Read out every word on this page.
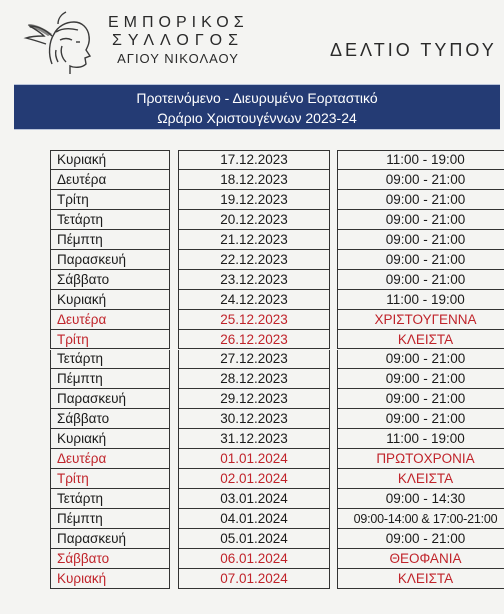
ΕΜΠΟΡΙΚΟΣ
ΣΥΛΛΟΓΟΣ
ΑΓΙΟΥ ΝΙΚΟΛΑΟΥ	ΔΕΛΤΙΟ ΤΥΠΟΥ
Προτεινόμενο - Διευρυμένο Εορταστικό
Ωράριο Χριστουγέννων 2023-24
Κυριακή	17.12.2023	11:00 - 19:00
Δευτέρα	18.12.2023	09:00 - 21:00
Τρίτη	19.12.2023	09:00 - 21:00
Τετάρτη	20.12.2023	09:00 - 21:00
Πέμπτη	21.12.2023	09:00 - 21:00
Παρασκευή	22.12.2023	09:00 - 21:00
Σάββατο	23.12.2023	09:00 - 21:00
Κυριακή	24.12.2023	11:00 - 19:00
Δευτέρα	25.12.2023	ΧΡΙΣΤΟΥΓΕΝΝΑ
Τρίτη	26.12.2023	ΚΛΕΙΣΤΑ
Τετάρτη	27.12.2023	09:00 - 21:00
Πέμπτη	28.12.2023	09:00 - 21:00
Παρασκευή	29.12.2023	09:00 - 21:00
Σάββατο	30.12.2023	09:00 - 21:00
Κυριακή	31.12.2023	11:00 - 19:00
Δευτέρα	01.01.2024	ΠΡΩΤΟΧΡΟΝΙΑ
Τρίτη	02.01.2024	ΚΛΕΙΣΤΑ
Τετάρτη	03.01.2024	09:00 - 14:30
Πέμπτη	04.01.2024	09:00-14:00 & 17:00-21:00
Παρασκευή	05.01.2024	09:00 - 21:00
Σάββατο	06.01.2024	ΘΕΟΦΑΝΙΑ
Κυριακή	07.01.2024	ΚΛΕΙΣΤΑ
